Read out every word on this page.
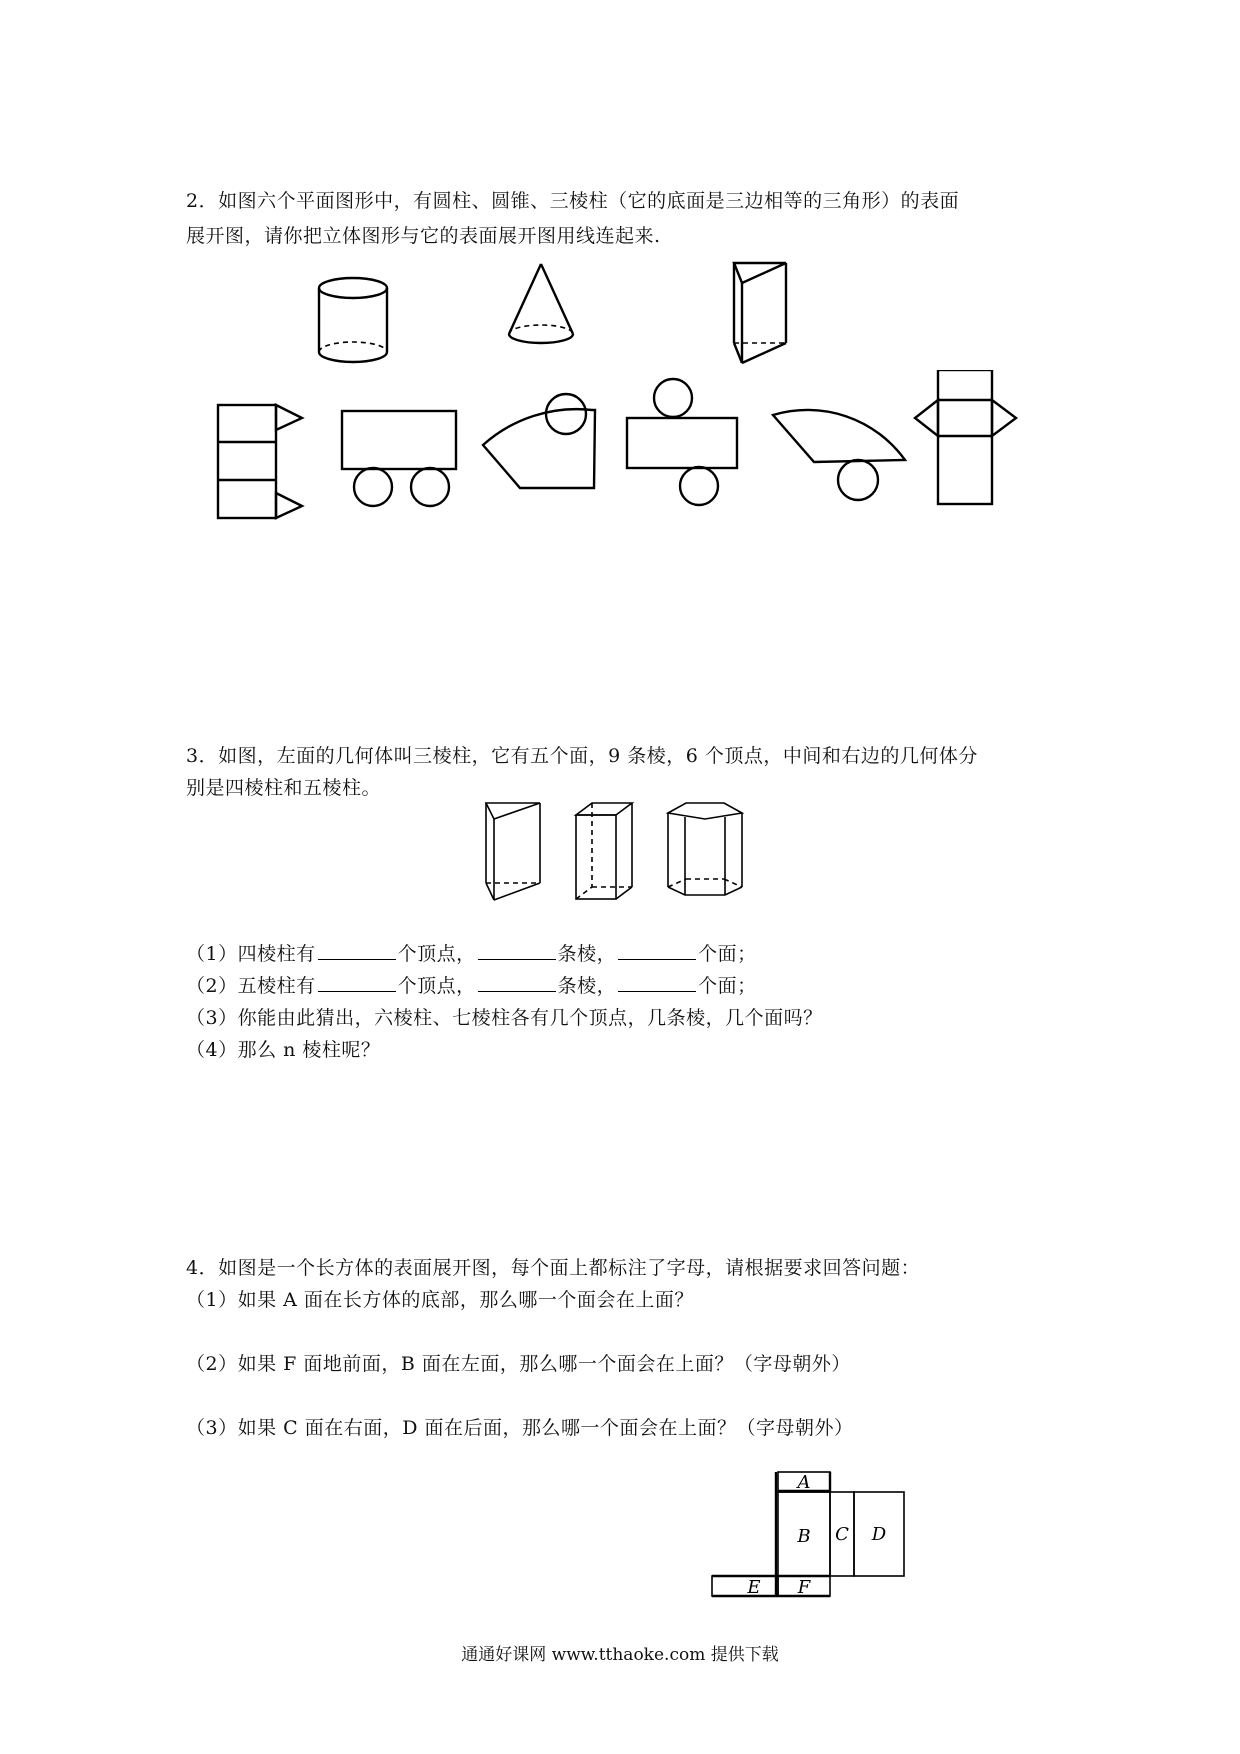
2．如图六个平面图形中，有圆柱、圆锥、三棱柱（它的底面是三边相等的三角形）的表面
展开图，请你把立体图形与它的表面展开图用线连起来.
3．如图，左面的几何体叫三棱柱，它有五个面，9 条棱，6 个顶点，中间和右边的几何体分
别是四棱柱和五棱柱。
（1）四棱柱有	个顶点，	条棱，	个面；
（2）五棱柱有	个顶点，	条棱，	个面；
（3）你能由此猜出，六棱柱、七棱柱各有几个顶点，几条棱，几个面吗？
（4）那么 n 棱柱呢？
4．如图是一个长方体的表面展开图，每个面上都标注了字母，请根据要求回答问题：
（1）如果 A 面在长方体的底部，那么哪一个面会在上面？
（2）如果 F 面地前面，B 面在左面，那么哪一个面会在上面？（字母朝外）
（3）如果 C 面在右面，D 面在后面，那么哪一个面会在上面？（字母朝外）
A
B C D
E F
通通好课网 www.tthaoke.com 提供下载
